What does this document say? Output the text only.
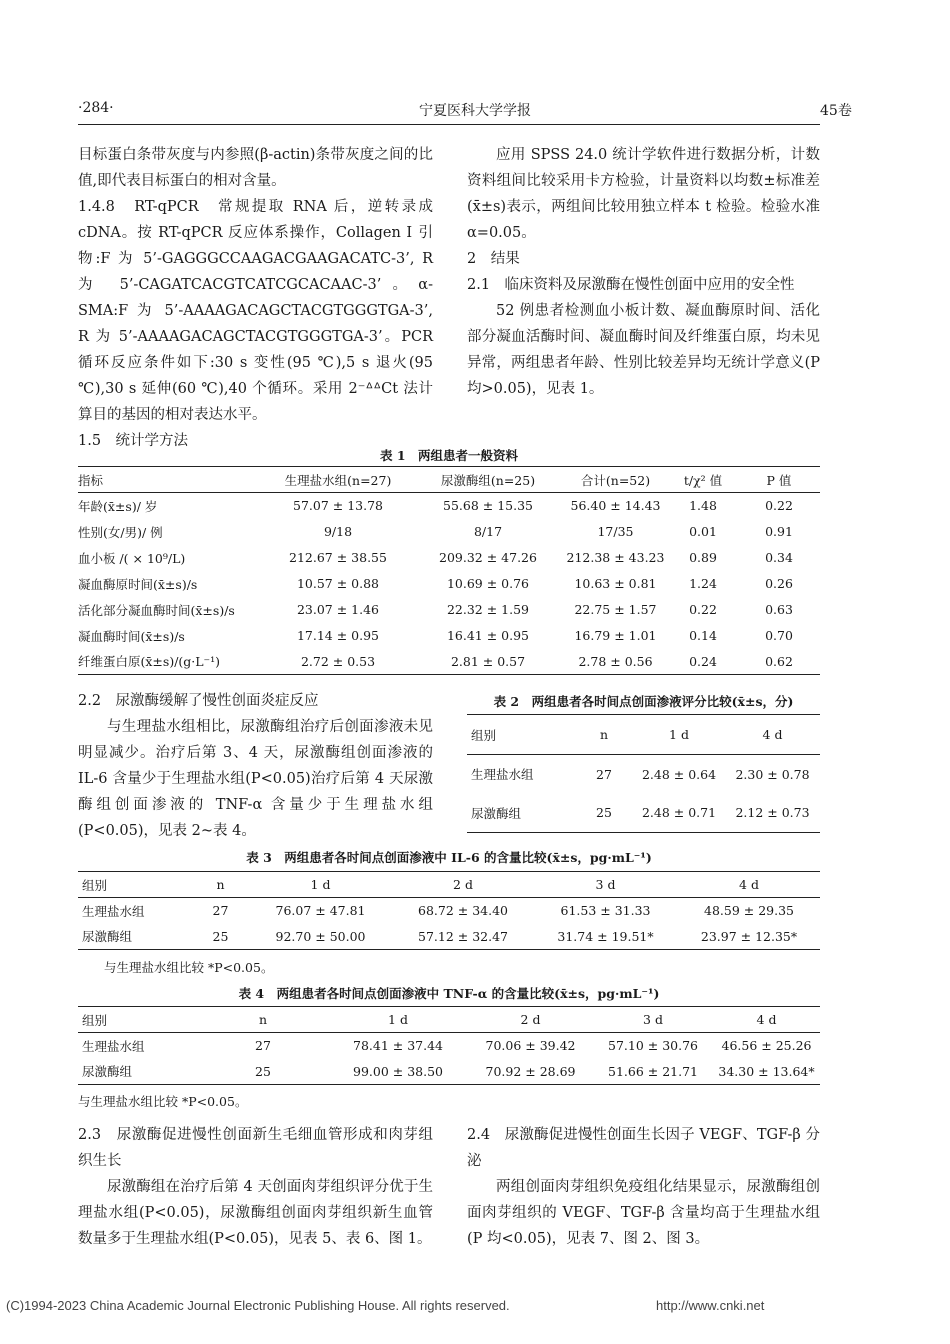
·284·	宁夏医科大学学报	45卷

目标蛋白条带灰度与内参照(β-actin)条带灰度之间的比值,即代表目标蛋白的相对含量。

1.4.8　RT-qPCR　常规提取 RNA 后，逆转录成 cDNA。按 RT-qPCR 反应体系操作，Collagen Ⅰ 引物:F 为 5’-GAGGGCCAAGACGAAGACATC-3’, R 为 5’-CAGATCACGTCATCGCACAAC-3’。α-SMA:F 为 5’-AAAAGACAGCTACGTGGGTGA-3’, R 为 5’-AAAAGACAGCTACGTGGGTGA-3’。PCR 循环反应条件如下:30 s 变性(95 ℃),5 s 退火(95 ℃),30 s 延伸(60 ℃),40 个循环。采用 2⁻ᐞᐞCt 法计算目的基因的相对表达水平。

1.5　统计学方法

应用 SPSS 24.0 统计学软件进行数据分析，计数资料组间比较采用卡方检验，计量资料以均数±标准差(x̄±s)表示，两组间比较用独立样本 t 检验。检验水准 α=0.05。

2　结果

2.1　临床资料及尿激酶在慢性创面中应用的安全性

52 例患者检测血小板计数、凝血酶原时间、活化部分凝血活酶时间、凝血酶时间及纤维蛋白原，均未见异常，两组患者年龄、性别比较差异均无统计学意义(P 均>0.05)，见表 1。

表 1　两组患者一般资料
指标	生理盐水组(n=27)	尿激酶组(n=25)	合计(n=52)	t/χ² 值	P 值
年龄(x̄±s)/ 岁	57.07 ± 13.78	55.68 ± 15.35	56.40 ± 14.43	1.48	0.22
性别(女/男)/ 例	9/18	8/17	17/35	0.01	0.91
血小板 /( × 10⁹/L)	212.67 ± 38.55	209.32 ± 47.26	212.38 ± 43.23	0.89	0.34
凝血酶原时间(x̄±s)/s	10.57 ± 0.88	10.69 ± 0.76	10.63 ± 0.81	1.24	0.26
活化部分凝血酶时间(x̄±s)/s	23.07 ± 1.46	22.32 ± 1.59	22.75 ± 1.57	0.22	0.63
凝血酶时间(x̄±s)/s	17.14 ± 0.95	16.41 ± 0.95	16.79 ± 1.01	0.14	0.70
纤维蛋白原(x̄±s)/(g·L⁻¹)	2.72 ± 0.53	2.81 ± 0.57	2.78 ± 0.56	0.24	0.62

2.2　尿激酶缓解了慢性创面炎症反应

与生理盐水组相比，尿激酶组治疗后创面渗液未见明显减少。治疗后第 3、4 天，尿激酶组创面渗液的 IL-6 含量少于生理盐水组(P<0.05)治疗后第 4 天尿激酶组创面渗液的 TNF-α 含量少于生理盐水组(P<0.05)，见表 2~表 4。

表 2　两组患者各时间点创面渗液评分比较(x̄±s，分)
组别	n	1 d	4 d
生理盐水组	27	2.48 ± 0.64	2.30 ± 0.78
尿激酶组	25	2.48 ± 0.71	2.12 ± 0.73
表 3　两组患者各时间点创面渗液中 IL-6 的含量比较(x̄±s，pg·mL⁻¹)
组别	n	1 d	2 d	3 d	4 d
生理盐水组	27	76.07 ± 47.81	68.72 ± 34.40	61.53 ± 31.33	48.59 ± 29.35
尿激酶组	25	92.70 ± 50.00	57.12 ± 32.47	31.74 ± 19.51*	23.97 ± 12.35*
与生理盐水组比较 *P<0.05。
表 4　两组患者各时间点创面渗液中 TNF-α 的含量比较(x̄±s，pg·mL⁻¹)
组别	n	1 d	2 d	3 d	4 d
生理盐水组	27	78.41 ± 37.44	70.06 ± 39.42	57.10 ± 30.76	46.56 ± 25.26
尿激酶组	25	99.00 ± 38.50	70.92 ± 28.69	51.66 ± 21.71	34.30 ± 13.64*
与生理盐水组比较 *P<0.05。

2.3　尿激酶促进慢性创面新生毛细血管形成和肉芽组织生长

尿激酶组在治疗后第 4 天创面肉芽组织评分优于生理盐水组(P<0.05)，尿激酶组创面肉芽组织新生血管数量多于生理盐水组(P<0.05)，见表 5、表 6、图 1。

2.4　尿激酶促进慢性创面生长因子 VEGF、TGF-β 分泌

两组创面肉芽组织免疫组化结果显示，尿激酶组创面肉芽组织的 VEGF、TGF-β 含量均高于生理盐水组(P 均<0.05)，见表 7、图 2、图 3。

(C)1994-2023 China Academic Journal Electronic Publishing House. All rights reserved.	http://www.cnki.net
